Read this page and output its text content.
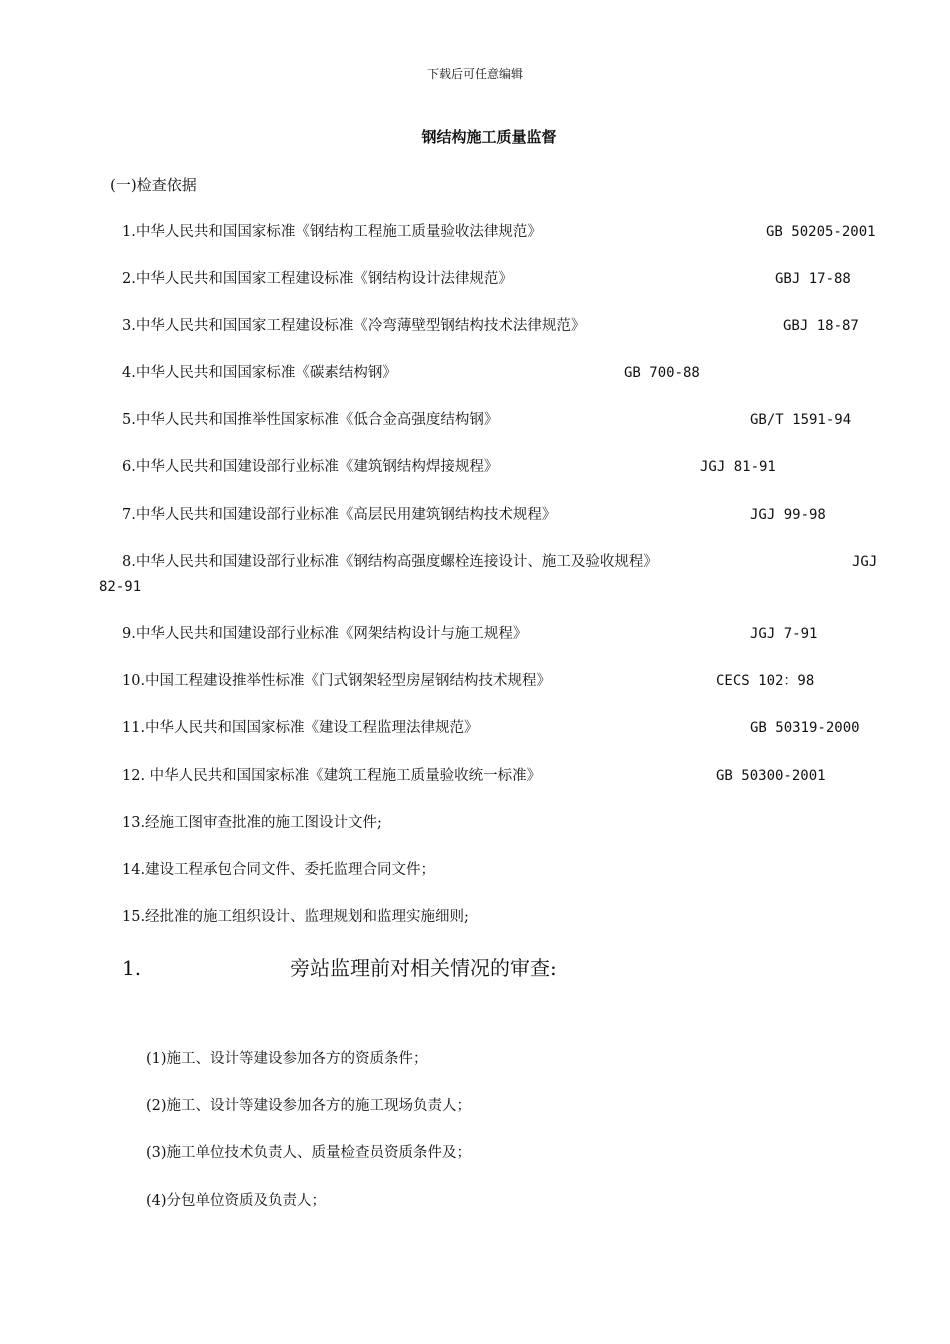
下载后可任意编辑
钢结构施工质量监督
(一)检查依据
1.中华人民共和国国家标准《钢结构工程施工质量验收法律规范》	GB 50205-2001
2.中华人民共和国国家工程建设标准《钢结构设计法律规范》	GBJ 17-88
3.中华人民共和国国家工程建设标准《冷弯薄壁型钢结构技术法律规范》	GBJ 18-87
4.中华人民共和国国家标准《碳素结构钢》	GB 700-88
5.中华人民共和国推举性国家标准《低合金高强度结构钢》	GB/T 1591-94
6.中华人民共和国建设部行业标准《建筑钢结构焊接规程》	JGJ 81-91
7.中华人民共和国建设部行业标准《高层民用建筑钢结构技术规程》	JGJ 99-98
8.中华人民共和国建设部行业标准《钢结构高强度螺栓连接设计、施工及验收规程》	JGJ
82-91
9.中华人民共和国建设部行业标准《网架结构设计与施工规程》	JGJ 7-91
10.中国工程建设推举性标准《门式钢架轻型房屋钢结构技术规程》	CECS 102：98
11.中华人民共和国国家标准《建设工程监理法律规范》	GB 50319-2000
12. 中华人民共和国国家标准《建筑工程施工质量验收统一标准》	GB 50300-2001
13.经施工图审查批准的施工图设计文件;
14.建设工程承包合同文件、委托监理合同文件；
15.经批准的施工组织设计、监理规划和监理实施细则;
1.	旁站监理前对相关情况的审查:
(1)施工、设计等建设参加各方的资质条件；
(2)施工、设计等建设参加各方的施工现场负责人；
(3)施工单位技术负责人、质量检查员资质条件及；
(4)分包单位资质及负责人；
